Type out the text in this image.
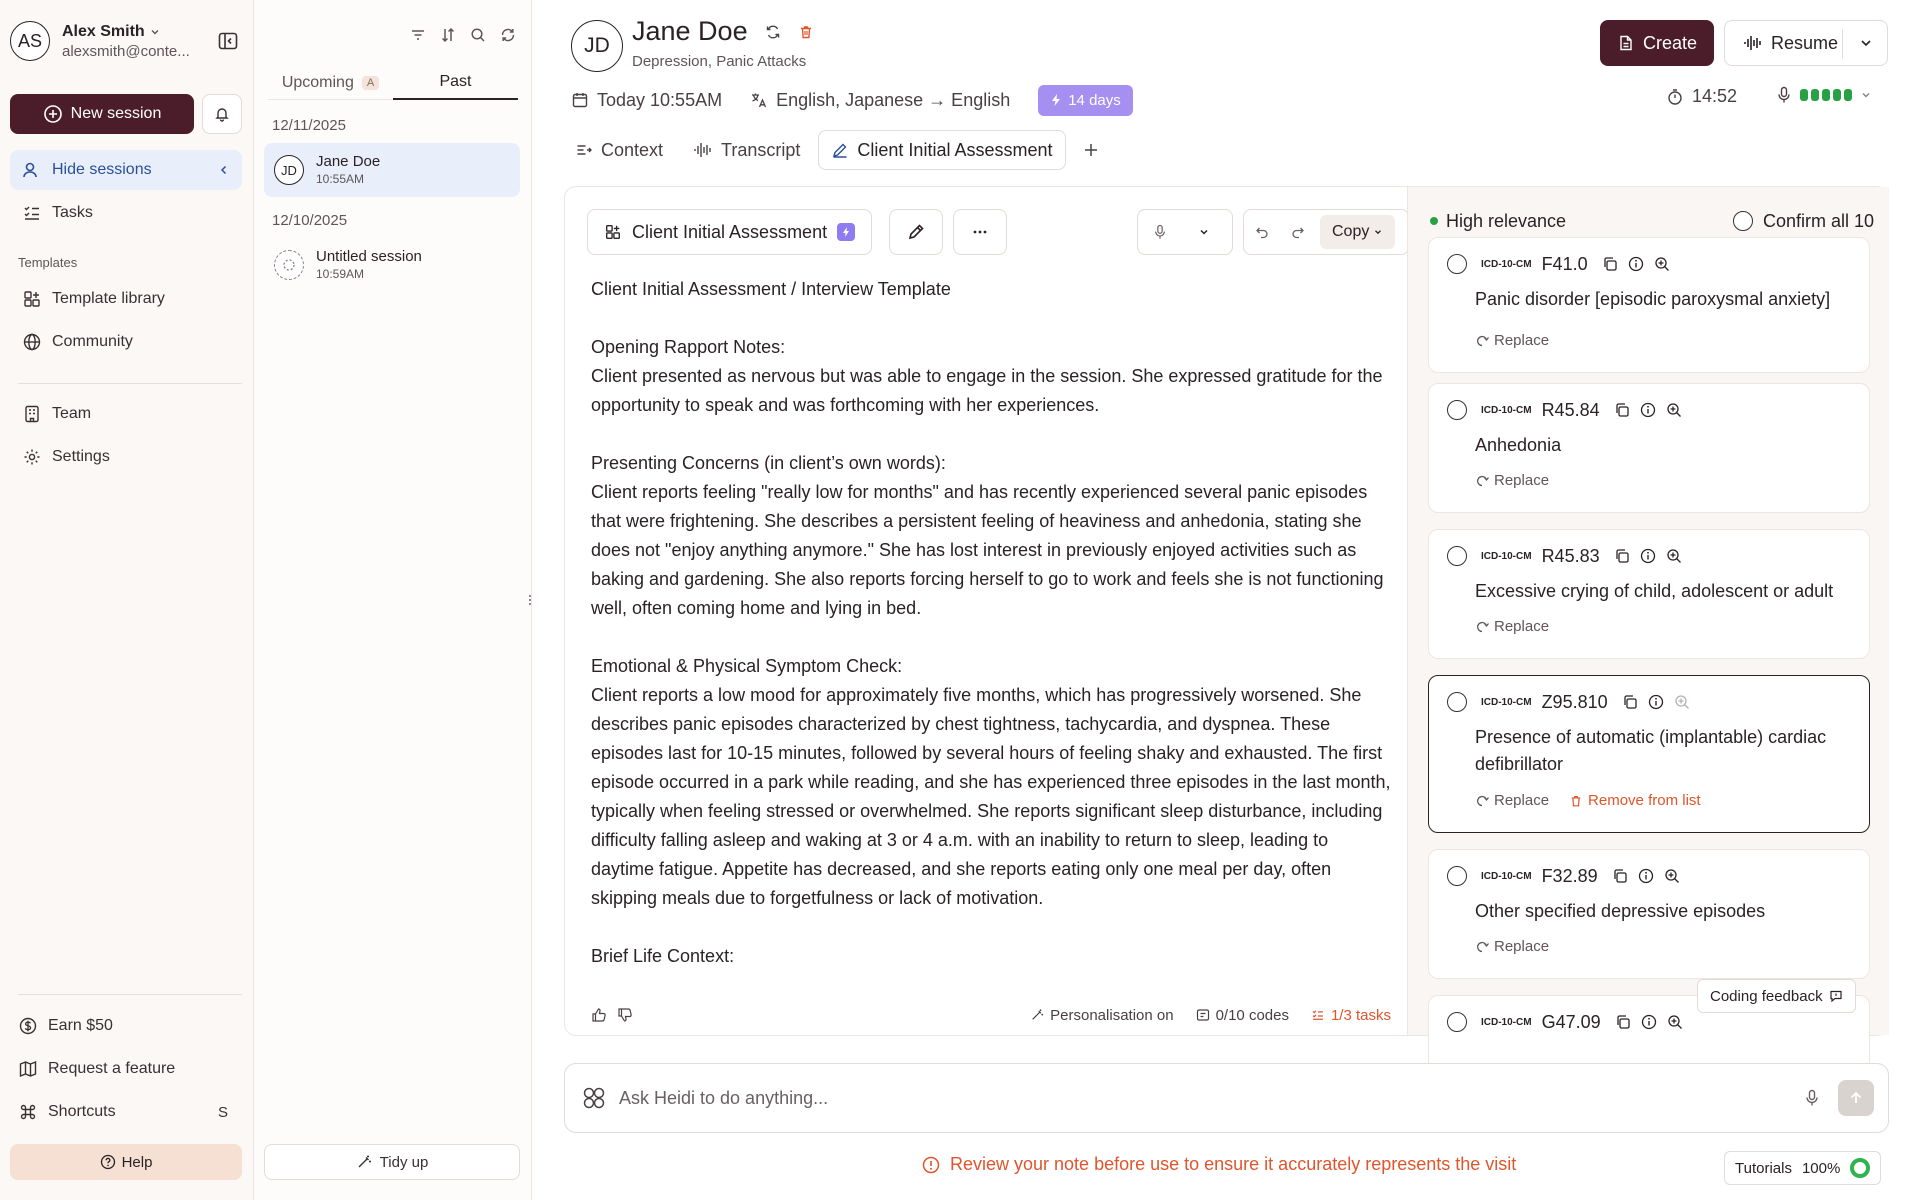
AS	Alex Smith
alexsmith@conte...
New session
Hide sessions
Tasks
Templates
Template library
Community
Team
Settings
Earn $50
Request a feature
Shortcuts	S
Help
Upcoming	A	Past
12/11/2025
JD	Jane Doe
10:55AM
12/10/2025
Untitled session
10:59AM
Tidy up
JD Jane Doe
Depression, Panic Attacks
Create	Resume
Today 10:55AM	English, Japanese → English	14 days	14:52
Context	Transcript	Client Initial Assessment
Client Initial Assessment	Copy

Client Initial Assessment / Interview Template

Opening Rapport Notes:
Client presented as nervous but was able to engage in the session. She expressed gratitude for the opportunity to speak and was forthcoming with her experiences.

Presenting Concerns (in client’s own words):
Client reports feeling "really low for months" and has recently experienced several panic episodes that were frightening. She describes a persistent feeling of heaviness and anhedonia, stating she does not "enjoy anything anymore." She has lost interest in previously enjoyed activities such as baking and gardening. She also reports forcing herself to go to work and feels she is not functioning well, often coming home and lying in bed.

Emotional & Physical Symptom Check:
Client reports a low mood for approximately five months, which has progressively worsened. She describes panic episodes characterized by chest tightness, tachycardia, and dyspnea. These episodes last for 10-15 minutes, followed by several hours of feeling shaky and exhausted. The first episode occurred in a park while reading, and she has experienced three episodes in the last month, typically when feeling stressed or overwhelmed. She reports significant sleep disturbance, including difficulty falling asleep and waking at 3 or 4 a.m. with an inability to return to sleep, leading to daytime fatigue. Appetite has decreased, and she reports eating only one meal per day, often skipping meals due to forgetfulness or lack of motivation.

Brief Life Context:

Personalisation on	0/10 codes	1/3 tasks
High relevance	Confirm all 10
ICD-10-CM F41.0
Panic disorder [episodic paroxysmal anxiety]
Replace
ICD-10-CM R45.84
Anhedonia
Replace
ICD-10-CM R45.83
Excessive crying of child, adolescent or adult
Replace
ICD-10-CM Z95.810
Presence of automatic (implantable) cardiac defibrillator
Replace	Remove from list
ICD-10-CM F32.89
Other specified depressive episodes
Replace
ICD-10-CM G47.09
Coding feedback
Ask Heidi to do anything...
Review your note before use to ensure it accurately represents the visit	Tutorials 100%
